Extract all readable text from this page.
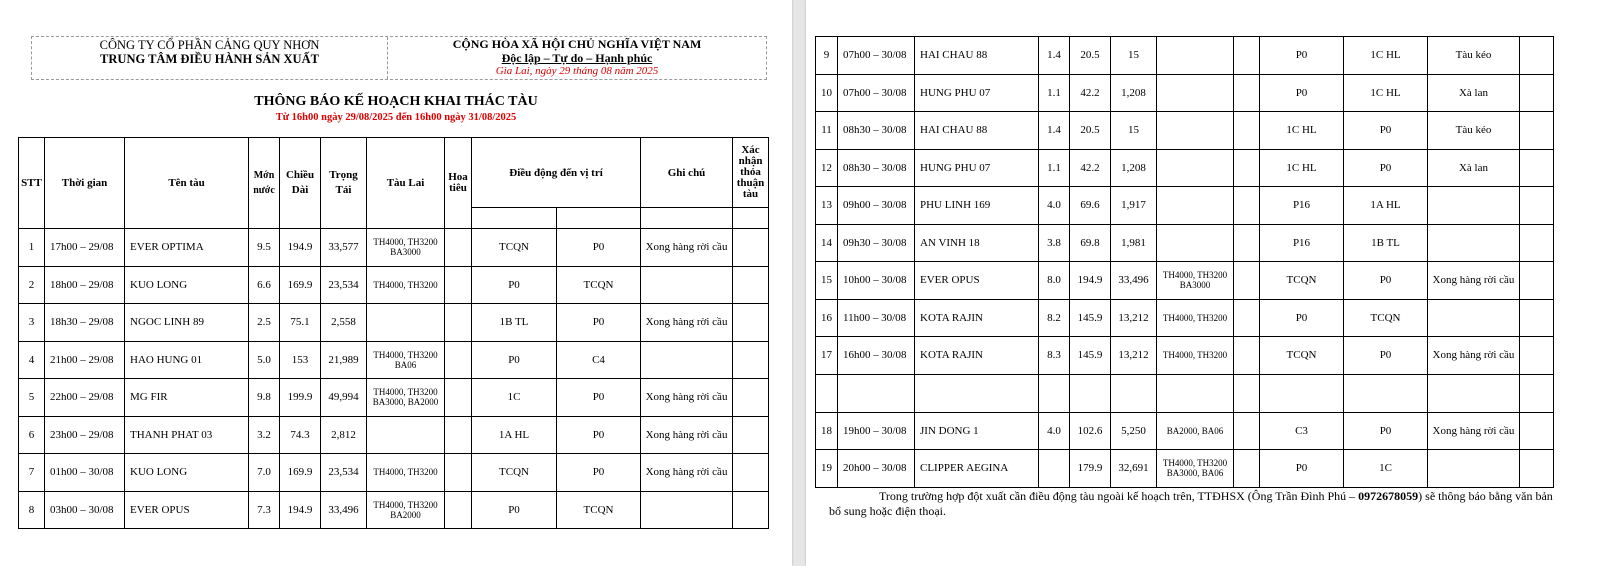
CÔNG TY CỔ PHẦN CẢNG QUY NHƠN
TRUNG TÂM ĐIỀU HÀNH SẢN XUẤT
CỘNG HÒA XÃ HỘI CHỦ NGHĨA VIỆT NAM
Độc lập – Tự do – Hạnh phúc
Gia Lai, ngày 29 tháng 08 năm 2025
THÔNG BÁO KẾ HOẠCH KHAI THÁC TÀU
Từ 16h00 ngày 29/08/2025 đến 16h00 ngày 31/08/2025
STT	Thời gian	Tên tàu	Mớn nước	Chiều Dài	Trọng Tải	Tàu Lai	Hoa tiêu	Điều động đến vị trí		Ghi chú	Xác nhận thỏa thuận tàu

1	17h00 – 29/08	EVER OPTIMA	9.5	194.9	33,577	TH4000, TH3200 BA3000		TCQN	P0	Xong hàng rời cầu	
2	18h00 – 29/08	KUO LONG	6.6	169.9	23,534	TH4000, TH3200		P0	TCQN		
3	18h30 – 29/08	NGOC LINH 89	2.5	75.1	2,558			1B TL	P0	Xong hàng rời cầu	
4	21h00 – 29/08	HAO HUNG 01	5.0	153	21,989	TH4000, TH3200 BA06		P0	C4		
5	22h00 – 29/08	MG FIR	9.8	199.9	49,994	TH4000, TH3200 BA3000, BA2000		1C	P0	Xong hàng rời cầu	
6	23h00 – 29/08	THANH PHAT 03	3.2	74.3	2,812			1A HL	P0	Xong hàng rời cầu	
7	01h00 – 30/08	KUO LONG	7.0	169.9	23,534	TH4000, TH3200		TCQN	P0	Xong hàng rời cầu	
8	03h00 – 30/08	EVER OPUS	7.3	194.9	33,496	TH4000, TH3200 BA2000		P0	TCQN		
9	07h00 – 30/08	HAI CHAU 88	1.4	20.5	15			P0	1C HL	Tàu kéo	
10	07h00 – 30/08	HUNG PHU 07	1.1	42.2	1,208			P0	1C HL	Xà lan	
11	08h30 – 30/08	HAI CHAU 88	1.4	20.5	15			1C HL	P0	Tàu kéo	
12	08h30 – 30/08	HUNG PHU 07	1.1	42.2	1,208			1C HL	P0	Xà lan	
13	09h00 – 30/08	PHU LINH 169	4.0	69.6	1,917			P16	1A HL		
14	09h30 – 30/08	AN VINH 18	3.8	69.8	1,981			P16	1B TL		
15	10h00 – 30/08	EVER OPUS	8.0	194.9	33,496	TH4000, TH3200 BA3000		TCQN	P0	Xong hàng rời cầu	
16	11h00 – 30/08	KOTA RAJIN	8.2	145.9	13,212	TH4000, TH3200		P0	TCQN		
17	16h00 – 30/08	KOTA RAJIN	8.3	145.9	13,212	TH4000, TH3200		TCQN	P0	Xong hàng rời cầu	

18	19h00 – 30/08	JIN DONG 1	4.0	102.6	5,250	BA2000, BA06		C3	P0	Xong hàng rời cầu	
19	20h00 – 30/08	CLIPPER AEGINA		179.9	32,691	TH4000, TH3200 BA3000, BA06		P0	1C		
Trong trường hợp đột xuất cần điều động tàu ngoài kế hoạch trên, TTĐHSX (Ông Trần Đình Phú – 0972678059) sẽ thông báo bằng văn bản bổ sung hoặc điện thoại.
